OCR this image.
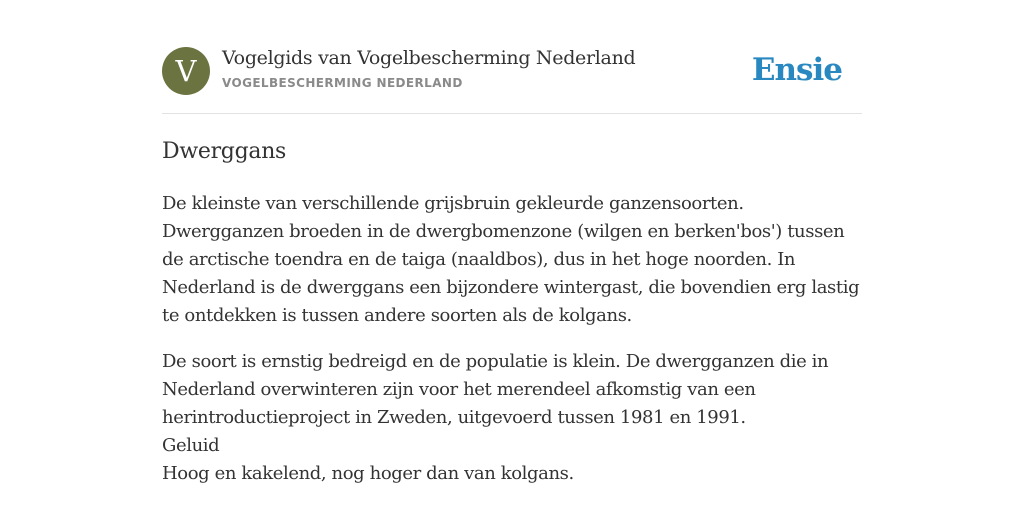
V	Vogelgids van Vogelbescherming Nederland
VOGELBESCHERMING NEDERLAND	Ensie
Dwerggans

De kleinste van verschillende grijsbruin gekleurde ganzensoorten. Dwergganzen broeden in de dwergbomenzone (wilgen en berken'bos') tussen de arctische toendra en de taiga (naaldbos), dus in het hoge noorden. In Nederland is de dwerggans een bijzondere wintergast, die bovendien erg lastig te ontdekken is tussen andere soorten als de kolgans.

De soort is ernstig bedreigd en de populatie is klein. De dwergganzen die in Nederland overwinteren zijn voor het merendeel afkomstig van een herintroductieproject in Zweden, uitgevoerd tussen 1981 en 1991.
Geluid
Hoog en kakelend, nog hoger dan van kolgans.
